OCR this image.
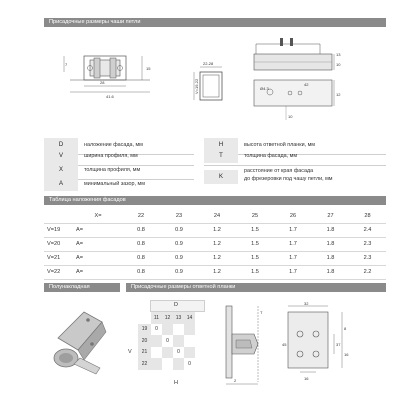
Присадочные размеры чаши петли
Таблица наложения фасадов
Полунакладная	Присадочные размеры ответной планки
28
41.6
15
7	22-28
V=19-22
13
10
Ø4.3
42
12
10
D	наложение фасада, мм
V	ширина профиля, мм
X	толщина профиля, мм
A	минимальный зазор, мм
H	высота ответной планки, мм
T	толщина фасада, мм
K
расстояние от края фасада
до фрезеровки под чашу петли, мм
	X=	22	23	24	25	26	27	28
V=19	A=	0.8	0.9	1.2	1.5	1.7	1.8	2.4
V=20	A=	0.8	0.9	1.2	1.5	1.7	1.8	2.3
V=21	A=	0.8	0.9	1.2	1.5	1.7	1.8	2.3
V=22	A=	0.8	0.9	1.2	1.5	1.7	1.8	2.2
D
V
H
	11	12	13	14
19	0			
20		0		
21			0	
22				0
T
2
32
16
37
8
16
45
